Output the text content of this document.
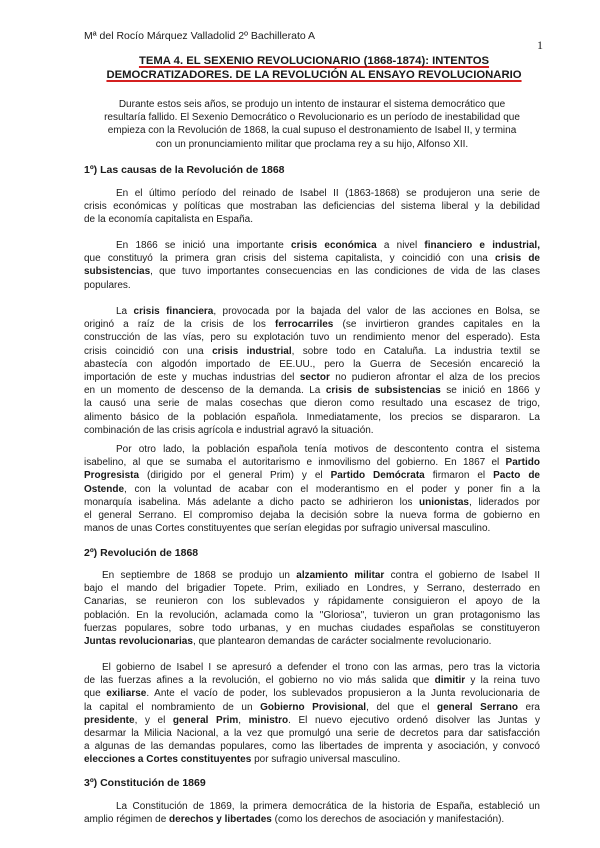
Mª del Rocío Márquez Valladolid 2º Bachillerato A
1
TEMA 4. EL SEXENIO REVOLUCIONARIO (1868-1874): INTENTOS
DEMOCRATIZADORES. DE LA REVOLUCIÓN AL ENSAYO REVOLUCIONARIO
Durante estos seis años, se produjo un intento de instaurar el sistema democrático que
resultaría fallido. El Sexenio Democrático o Revolucionario es un período de inestabilidad que
empieza con la Revolución de 1868, la cual supuso el destronamiento de Isabel II, y termina
con un pronunciamiento militar que proclama rey a su hijo, Alfonso XII.
1º) Las causas de la Revolución de 1868
En el último período del reinado de Isabel II (1863-1868) se produjeron una serie de
crisis económicas y políticas que mostraban las deficiencias del sistema liberal y la debilidad
de la economía capitalista en España.
En 1866 se inició una importante crisis económica a nivel financiero e industrial,
que constituyó la primera gran crisis del sistema capitalista, y coincidió con una crisis de
subsistencias, que tuvo importantes consecuencias en las condiciones de vida de las clases
populares.
La crisis financiera, provocada por la bajada del valor de las acciones en Bolsa, se
originó a raíz de la crisis de los ferrocarriles (se invirtieron grandes capitales en la
construcción de las vías, pero su explotación tuvo un rendimiento menor del esperado). Esta
crisis coincidió con una crisis industrial, sobre todo en Cataluña. La industria textil se
abastecía con algodón importado de EE.UU., pero la Guerra de Secesión encareció la
importación de este y muchas industrias del sector no pudieron afrontar el alza de los precios
en un momento de descenso de la demanda. La crisis de subsistencias se inició en 1866 y
la causó una serie de malas cosechas que dieron como resultado una escasez de trigo,
alimento básico de la población española. Inmediatamente, los precios se dispararon. La
combinación de las crisis agrícola e industrial agravó la situación.
Por otro lado, la población española tenía motivos de descontento contra el sistema
isabelino, al que se sumaba el autoritarismo e inmovilismo del gobierno. En 1867 el Partido
Progresista (dirigido por el general Prim) y el Partido Demócrata firmaron el Pacto de
Ostende, con la voluntad de acabar con el moderantismo en el poder y poner fin a la
monarquía isabelina. Más adelante a dicho pacto se adhirieron los unionistas, liderados por
el general Serrano. El compromiso dejaba la decisión sobre la nueva forma de gobierno en
manos de unas Cortes constituyentes que serían elegidas por sufragio universal masculino.
2º) Revolución de 1868
En septiembre de 1868 se produjo un alzamiento militar contra el gobierno de Isabel II
bajo el mando del brigadier Topete. Prim, exiliado en Londres, y Serrano, desterrado en
Canarias, se reunieron con los sublevados y rápidamente consiguieron el apoyo de la
población. En la revolución, aclamada como la "Gloriosa", tuvieron un gran protagonismo las
fuerzas populares, sobre todo urbanas, y en muchas ciudades españolas se constituyeron
Juntas revolucionarias, que plantearon demandas de carácter socialmente revolucionario.
El gobierno de Isabel I se apresuró a defender el trono con las armas, pero tras la victoria
de las fuerzas afines a la revolución, el gobierno no vio más salida que dimitir y la reina tuvo
que exiliarse. Ante el vacío de poder, los sublevados propusieron a la Junta revolucionaria de
la capital el nombramiento de un Gobierno Provisional, del que el general Serrano era
presidente, y el general Prim, ministro. El nuevo ejecutivo ordenó disolver las Juntas y
desarmar la Milicia Nacional, a la vez que promulgó una serie de decretos para dar satisfacción
a algunas de las demandas populares, como las libertades de imprenta y asociación, y convocó
elecciones a Cortes constituyentes por sufragio universal masculino.
3º) Constitución de 1869
La Constitución de 1869, la primera democrática de la historia de España, estableció un
amplio régimen de derechos y libertades (como los derechos de asociación y manifestación).
